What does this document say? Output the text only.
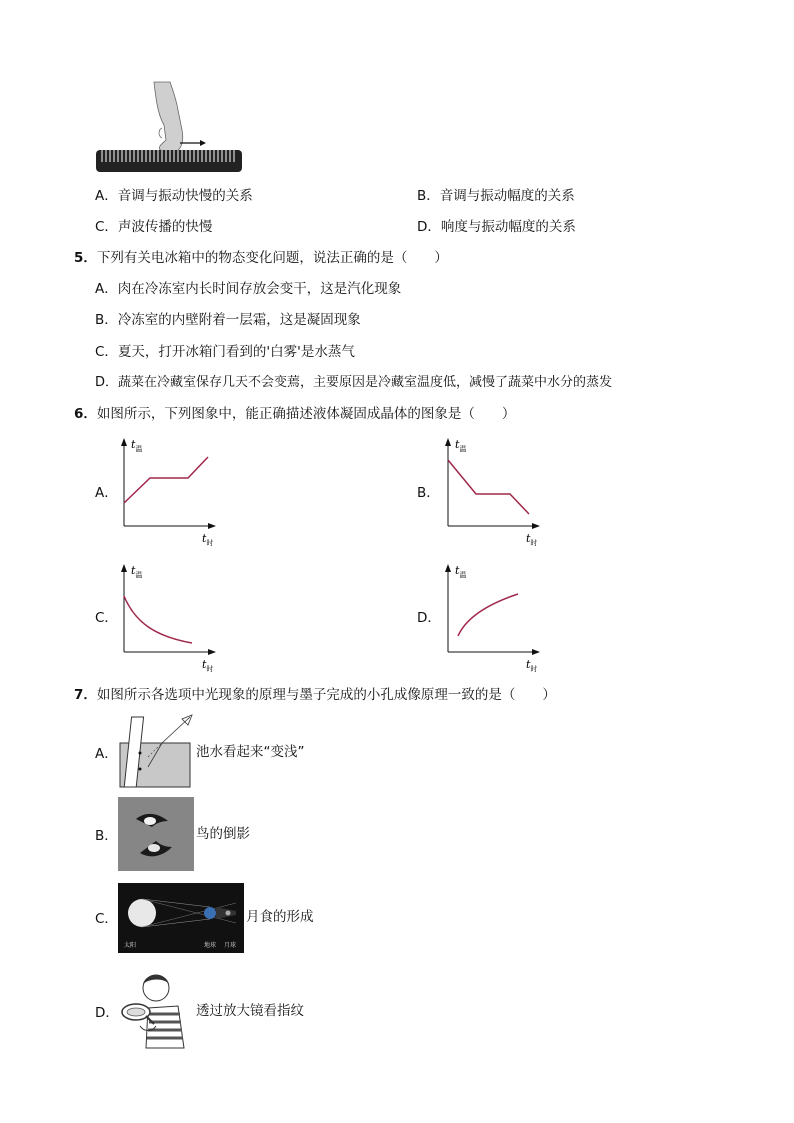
A．音调与振动快慢的关系	B．音调与振动幅度的关系
C．声波传播的快慢	D．响度与振动幅度的关系
5．下列有关电冰箱中的物态变化问题，说法正确的是（　　）
A．肉在冷冻室内长时间存放会变干，这是汽化现象
B．冷冻室的内壁附着一层霜，这是凝固现象
C．夏天，打开冰箱门看到的'白雾'是水蒸气
D．蔬菜在冷藏室保存几天不会变蔫，主要原因是冷藏室温度低，减慢了蔬菜中水分的蒸发
6．如图所示，下列图象中，能正确描述液体凝固成晶体的图象是（　　）
A．	B．
C．	D．
$t_温$
$t_时$
$t_温$
$t_时$
$t_温$
$t_时$
$t_温$
$t_时$
7．如图所示各选项中光现象的原理与墨子完成的小孔成像原理一致的是（　　）
A．	池水看起来“变浅”
B．	鸟的倒影
C．
太阳	地球 月球
月食的形成
D．	透过放大镜看指纹
